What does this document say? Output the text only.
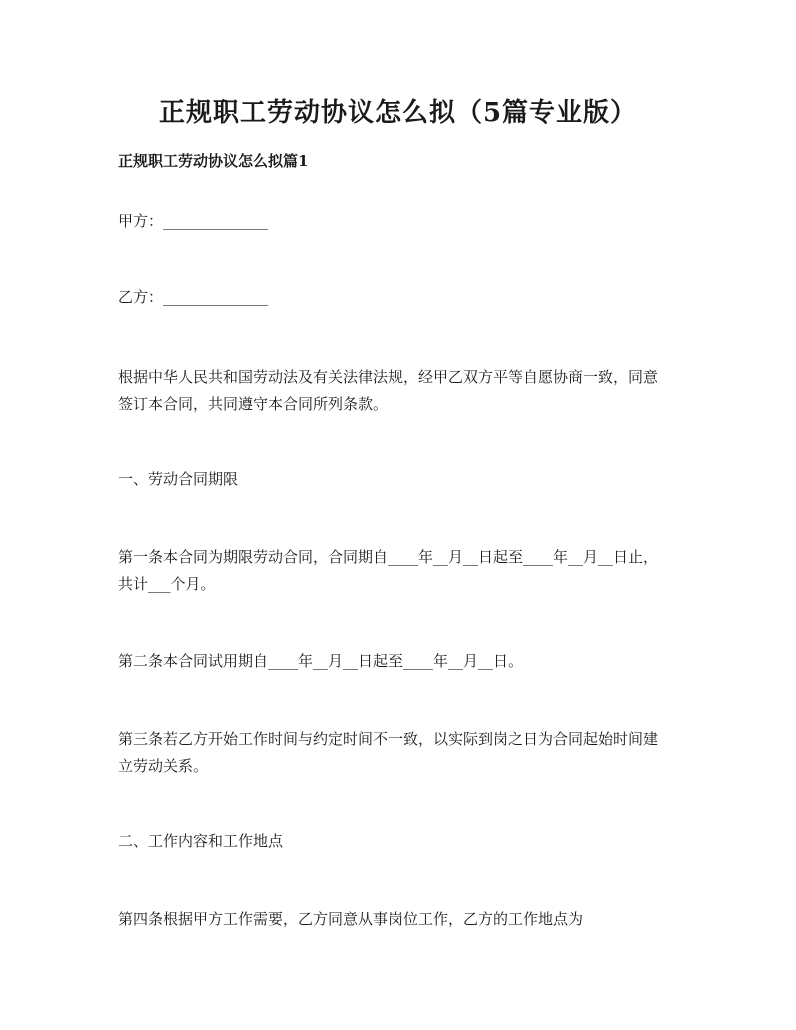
正规职工劳动协议怎么拟（5篇专业版）
正规职工劳动协议怎么拟篇1
甲方：______________
乙方：______________
根据中华人民共和国劳动法及有关法律法规，经甲乙双方平等自愿协商一致，同意
签订本合同，共同遵守本合同所列条款。
一、劳动合同期限
第一条本合同为期限劳动合同，合同期自____年__月__日起至____年__月__日止，
共计___个月。
第二条本合同试用期自____年__月__日起至____年__月__日。
第三条若乙方开始工作时间与约定时间不一致，以实际到岗之日为合同起始时间建
立劳动关系。
二、工作内容和工作地点
第四条根据甲方工作需要，乙方同意从事岗位工作，乙方的工作地点为
